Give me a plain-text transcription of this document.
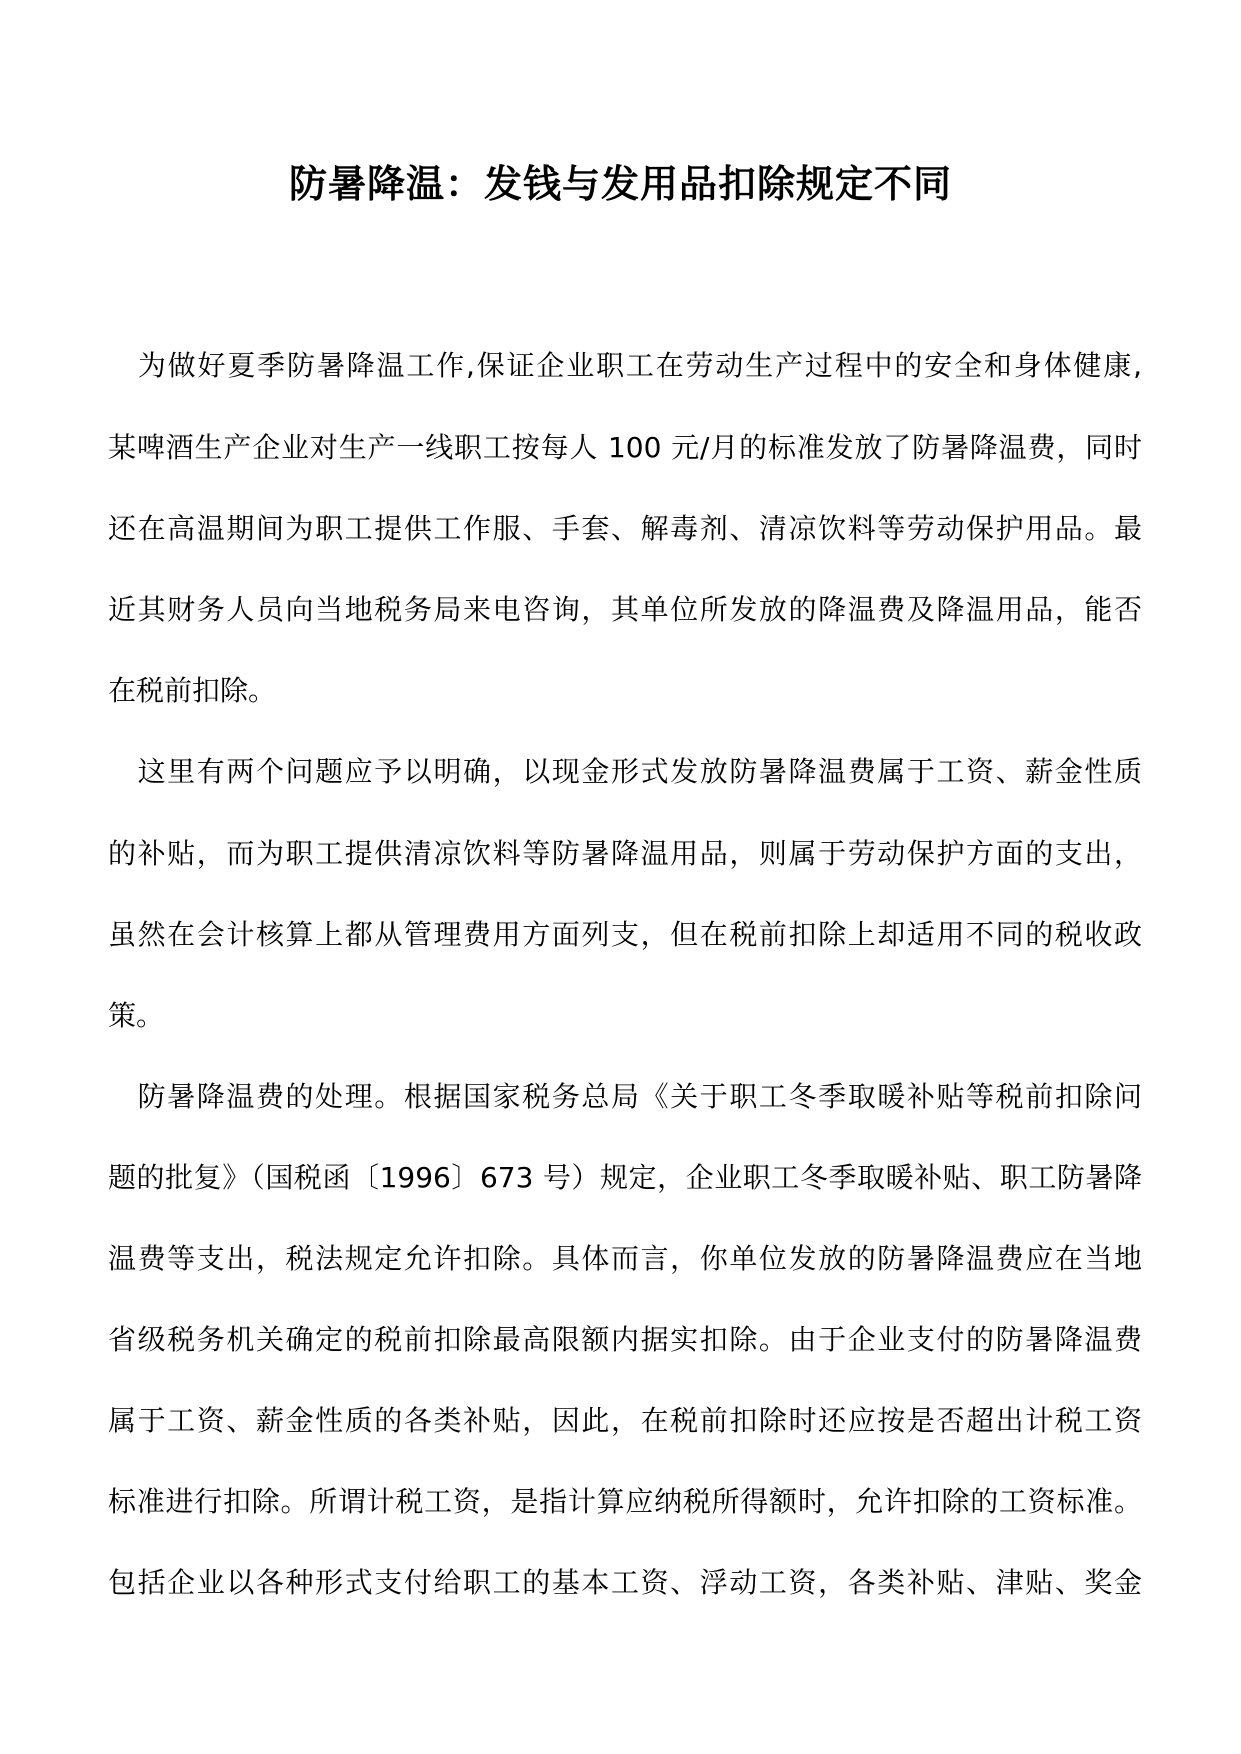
防暑降温：发钱与发用品扣除规定不同
　为做好夏季防暑降温工作,保证企业职工在劳动生产过程中的安全和身体健康,
某啤酒生产企业对生产一线职工按每人 100 元/月的标准发放了防暑降温费，同时
还在高温期间为职工提供工作服、手套、解毒剂、清凉饮料等劳动保护用品。最
近其财务人员向当地税务局来电咨询，其单位所发放的降温费及降温用品，能否
在税前扣除。
　这里有两个问题应予以明确，以现金形式发放防暑降温费属于工资、薪金性质
的补贴，而为职工提供清凉饮料等防暑降温用品，则属于劳动保护方面的支出，
虽然在会计核算上都从管理费用方面列支，但在税前扣除上却适用不同的税收政
策。
　防暑降温费的处理。根据国家税务总局《关于职工冬季取暖补贴等税前扣除问
题的批复》（国税函〔1996〕673 号）规定，企业职工冬季取暖补贴、职工防暑降
温费等支出，税法规定允许扣除。具体而言，你单位发放的防暑降温费应在当地
省级税务机关确定的税前扣除最高限额内据实扣除。由于企业支付的防暑降温费
属于工资、薪金性质的各类补贴，因此，在税前扣除时还应按是否超出计税工资
标准进行扣除。所谓计税工资，是指计算应纳税所得额时，允许扣除的工资标准。
包括企业以各种形式支付给职工的基本工资、浮动工资，各类补贴、津贴、奖金
